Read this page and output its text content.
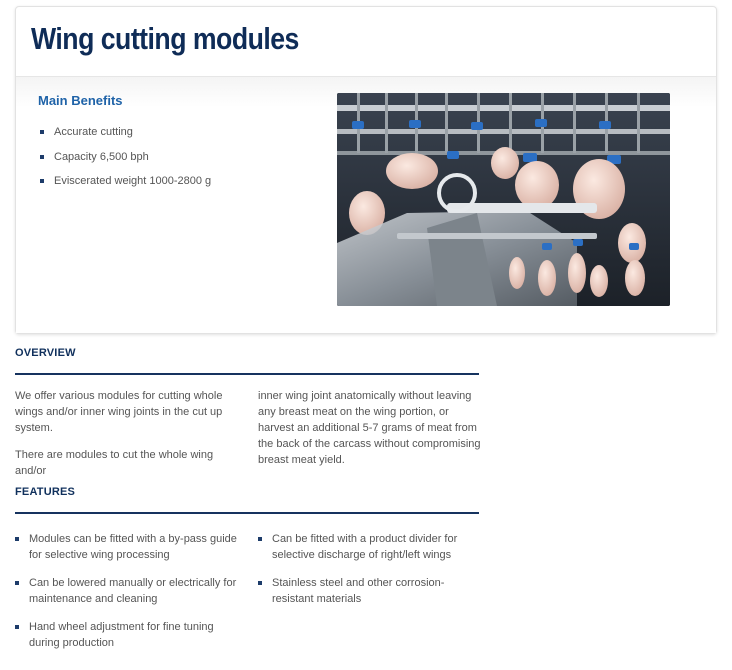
Wing cutting modules
Main Benefits
Accurate cutting
Capacity 6,500 bph
Eviscerated weight 1000-2800 g
OVERVIEW

We offer various modules for cutting whole wings and/or inner wing joints in the cut up system.

There are modules to cut the whole wing and/or

inner wing joint anatomically without leaving any breast meat on the wing portion, or harvest an additional 5-7 grams of meat from the back of the carcass without compromising breast meat yield.

FEATURES
Modules can be fitted with a by-pass guide for selective wing processing
Can be lowered manually or electrically for maintenance and cleaning
Hand wheel adjustment for fine tuning during production
Can be fitted with a product divider for selective discharge of right/left wings
Stainless steel and other corrosion-resistant materials
